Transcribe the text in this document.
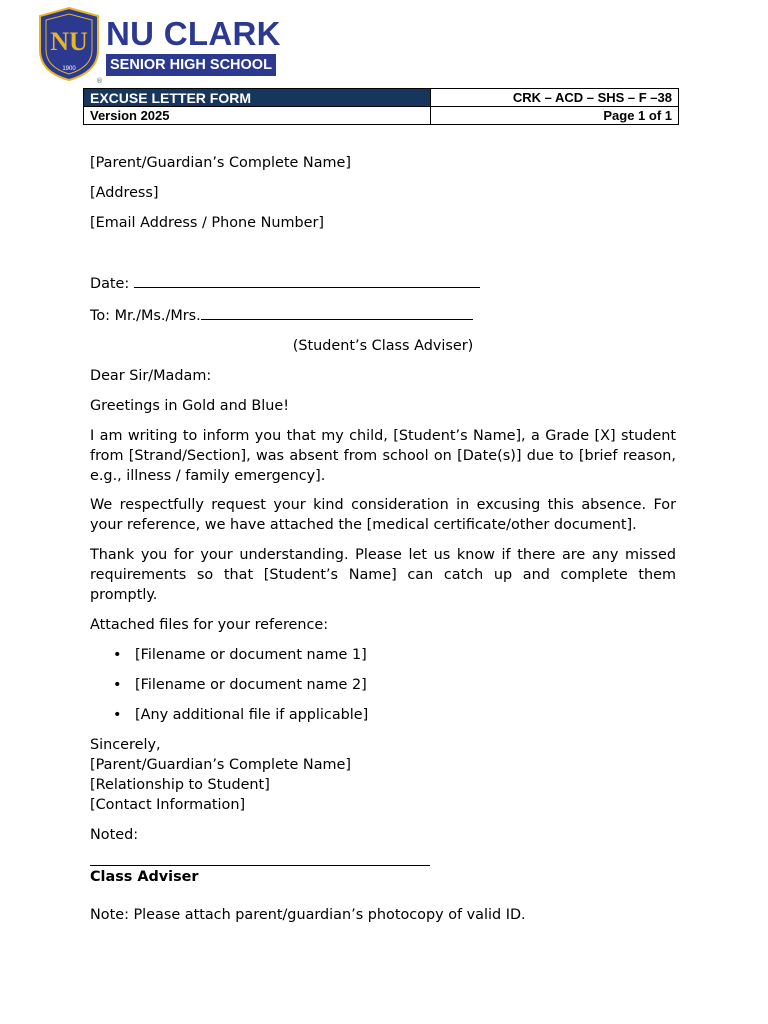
NU
1900
NU CLARK
SENIOR HIGH SCHOOL
®
EXCUSE LETTER FORM	CRK – ACD – SHS – F –38
Version 2025	Page 1 of 1

[Parent/Guardian’s Complete Name]

[Address]

[Email Address / Phone Number]

Date:

To: Mr./Ms./Mrs.

(Student’s Class Adviser)

Dear Sir/Madam:

Greetings in Gold and Blue!

I am writing to inform you that my child, [Student’s Name], a Grade [X] student from [Strand/Section], was absent from school on [Date(s)] due to [brief reason, e.g., illness / family emergency].

We respectfully request your kind consideration in excusing this absence. For your reference, we have attached the [medical certificate/other document].

Thank you for your understanding. Please let us know if there are any missed requirements so that [Student’s Name] can catch up and complete them promptly.

Attached files for your reference:

• [Filename or document name 1]
• [Filename or document name 2]
• [Any additional file if applicable]

Sincerely,

[Parent/Guardian’s Complete Name]

[Relationship to Student]

[Contact Information]

Noted:

Class Adviser

Note: Please attach parent/guardian’s photocopy of valid ID.
